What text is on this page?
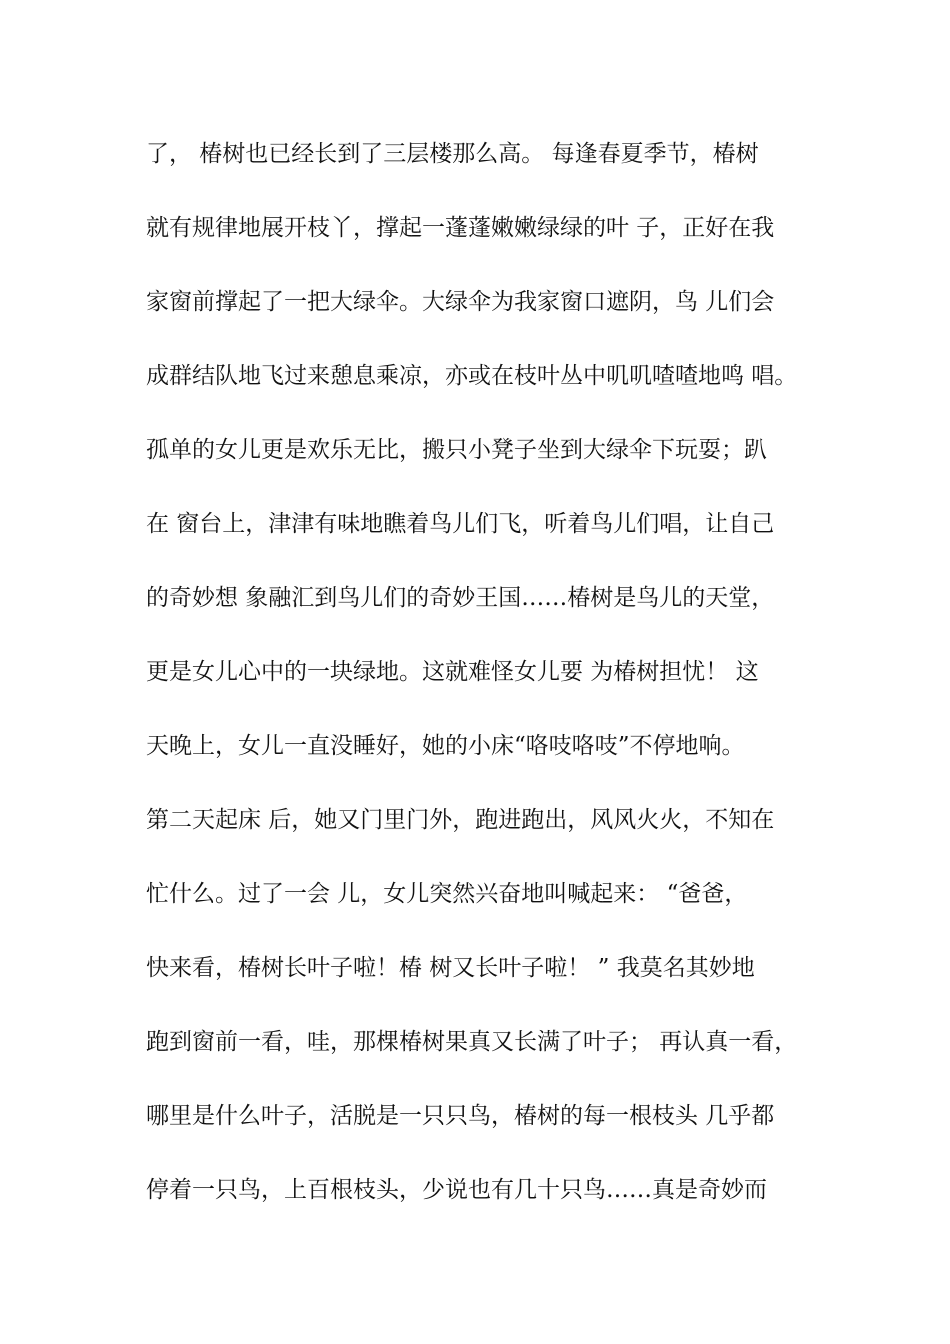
了， 椿树也已经长到了三层楼那么高。 每逢春夏季节，椿树
就有规律地展开枝丫，撑起一蓬蓬嫩嫩绿绿的叶 子，正好在我
家窗前撑起了一把大绿伞。大绿伞为我家窗口遮阴，鸟 儿们会
成群结队地飞过来憩息乘凉，亦或在枝叶丛中叽叽喳喳地鸣 唱。
孤单的女儿更是欢乐无比，搬只小凳子坐到大绿伞下玩耍；趴
在 窗台上，津津有味地瞧着鸟儿们飞，听着鸟儿们唱，让自己
的奇妙想 象融汇到鸟儿们的奇妙王国……椿树是鸟儿的天堂，
更是女儿心中的一块绿地。这就难怪女儿要 为椿树担忧！ 这
天晚上，女儿一直没睡好，她的小床“咯吱咯吱”不停地响。
第二天起床 后，她又门里门外，跑进跑出，风风火火，不知在
忙什么。过了一会 儿，女儿突然兴奋地叫喊起来： “爸爸，
快来看，椿树长叶子啦！椿 树又长叶子啦！ ” 我莫名其妙地
跑到窗前一看，哇，那棵椿树果真又长满了叶子； 再认真一看，
哪里是什么叶子，活脱是一只只鸟，椿树的每一根枝头 几乎都
停着一只鸟，上百根枝头，少说也有几十只鸟……真是奇妙而
